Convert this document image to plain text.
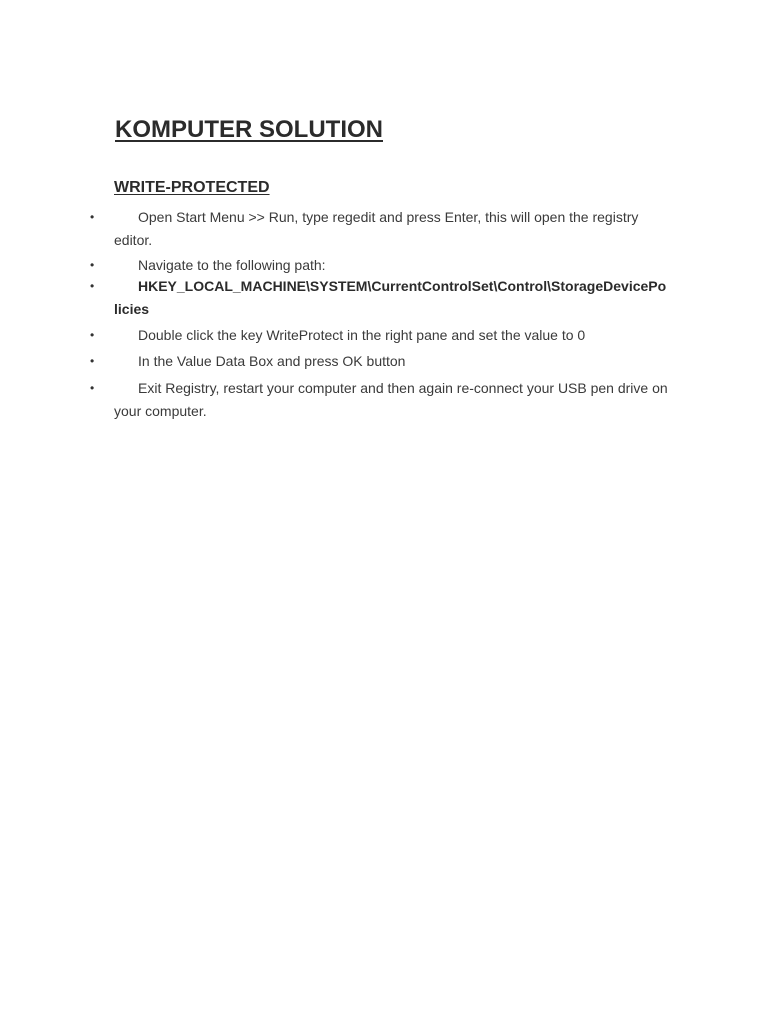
KOMPUTER SOLUTION
WRITE-PROTECTED
•	Open Start Menu >> Run, type regedit and press Enter, this will open the registry editor.
•	Navigate to the following path:
•	HKEY_LOCAL_MACHINE\SYSTEM\CurrentControlSet\Control\StorageDevicePolicies
•	Double click the key WriteProtect in the right pane and set the value to 0
•	In the Value Data Box and press OK button
•	Exit Registry, restart your computer and then again re-connect your USB pen drive on your computer.
